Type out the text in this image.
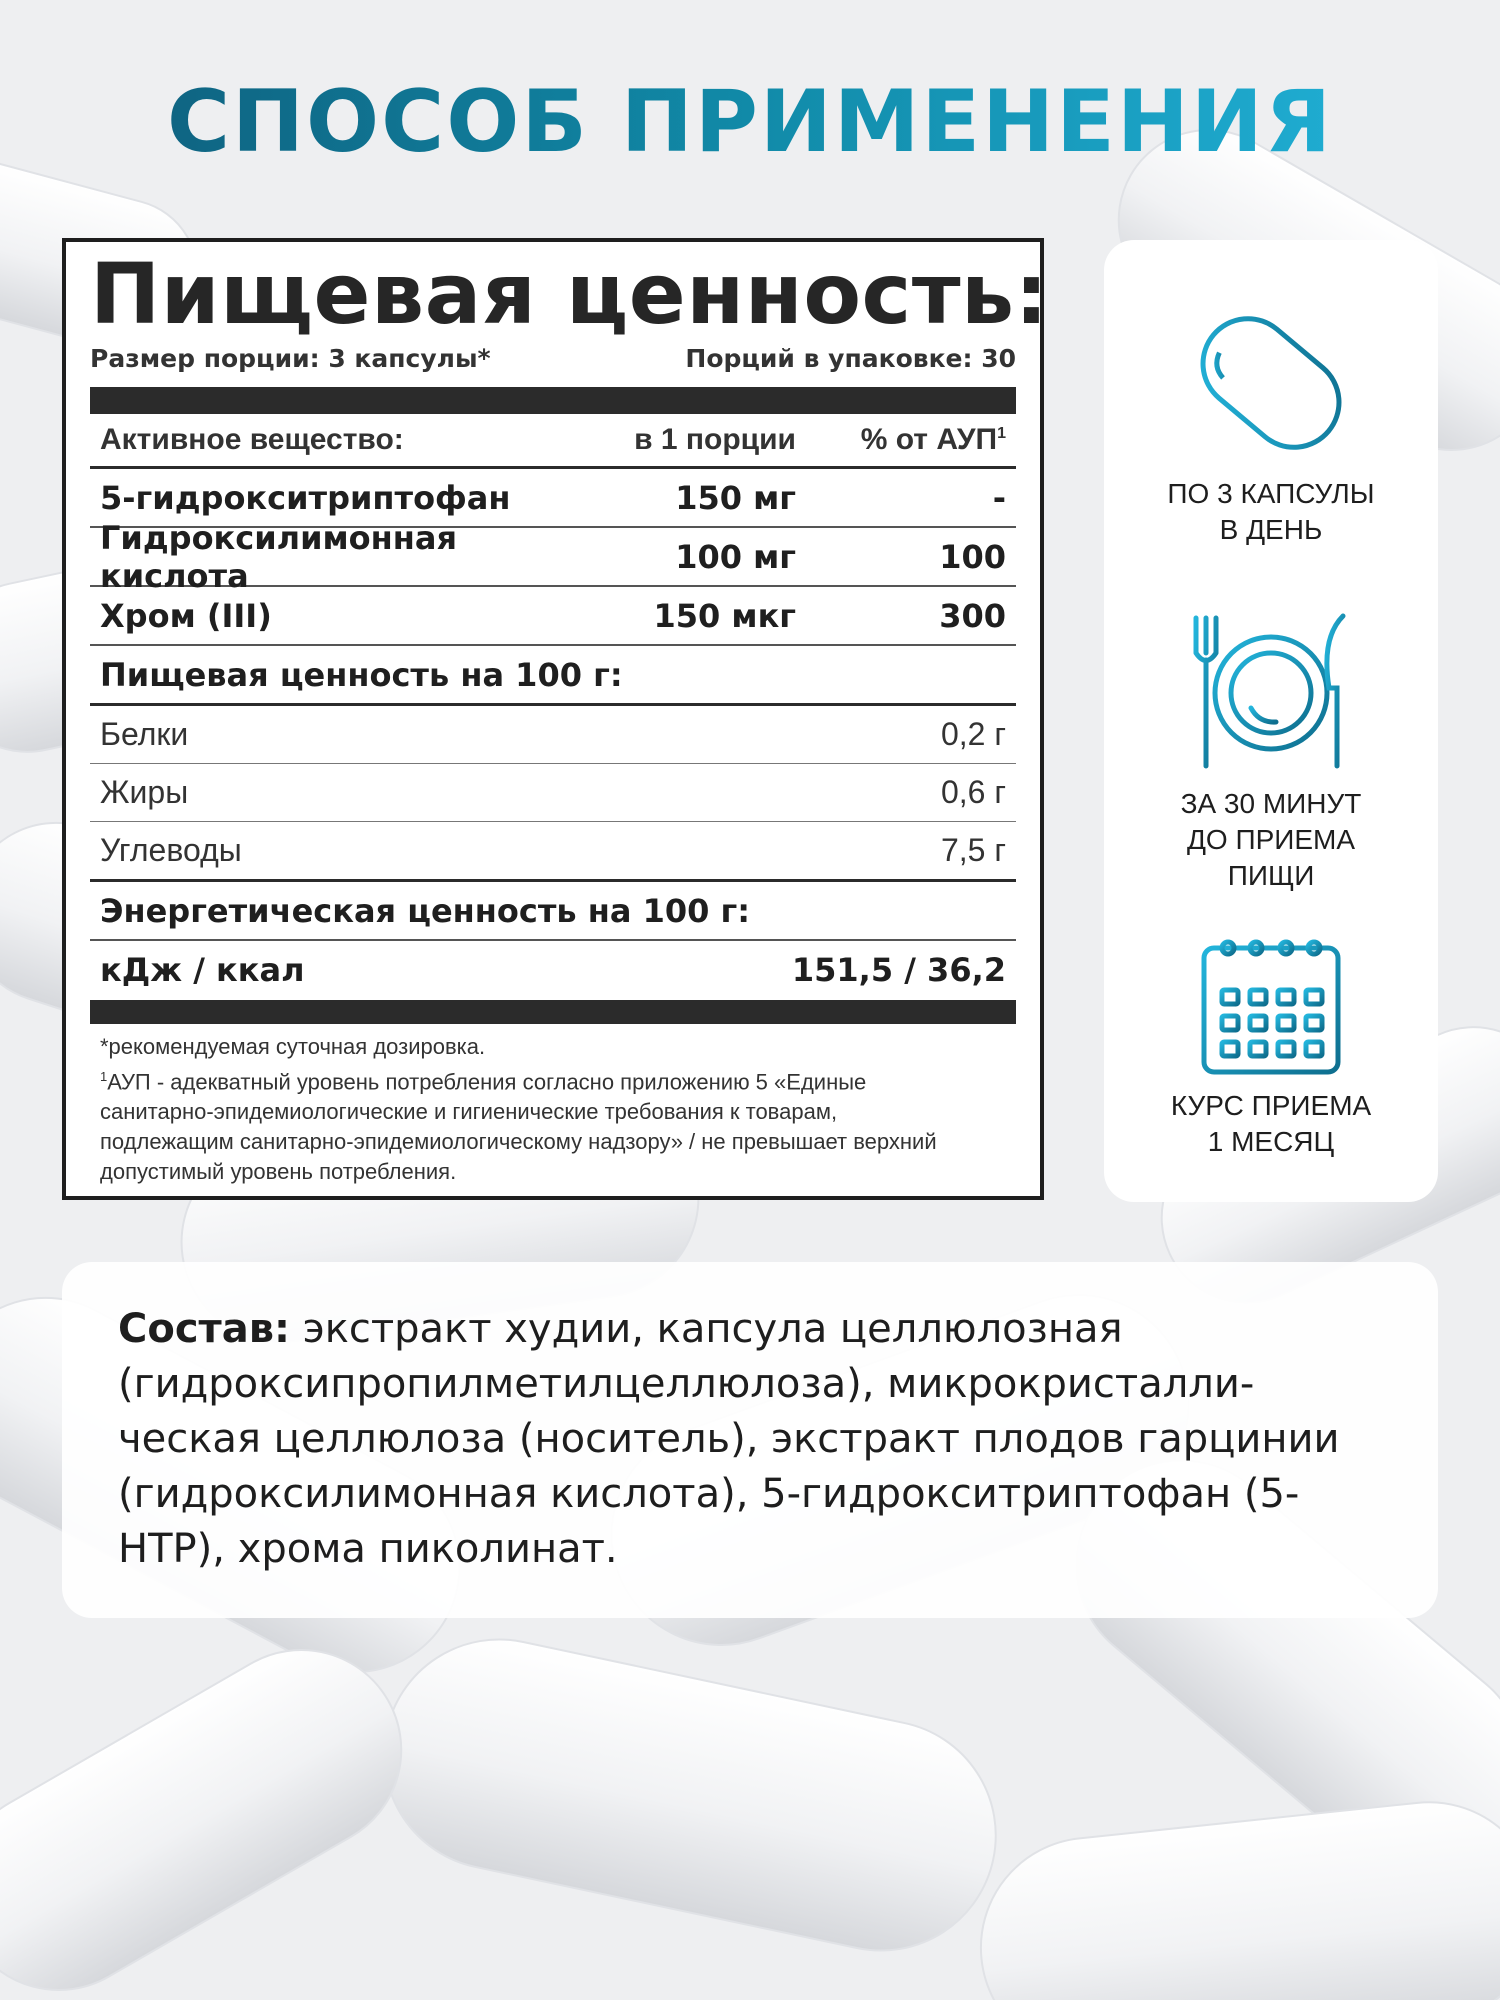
СПОСОБ ПРИМЕНЕНИЯ
Пищевая ценность:
Размер порции: 3 капсулы*	Порций в упаковке: 30
Активное вещество:	в 1 порции	% от АУП$^1$
5-гидрокситриптофан	150 мг	-
Гидроксилимонная кислота	100 мг	100
Хром (III)	150 мкг	300
Пищевая ценность на 100 г:
Белки	0,2 г
Жиры	0,6 г
Углеводы	7,5 г
Энергетическая ценность на 100 г:
кДж / ккал	151,5 / 36,2
*рекомендуемая суточная дозировка.
$^1$АУП - адекватный уровень потребления согласно приложению 5 «Единые
санитарно-эпидемиологические и гигиенические требования к товарам,
подлежащим санитарно-эпидемиологическому надзору» / не превышает верхний
допустимый уровень потребления.
ПО 3 КАПСУЛЫ
В ДЕНЬ
ЗА 30 МИНУТ
ДО ПРИЕМА
ПИЩИ
КУРС ПРИЕМА
1 МЕСЯЦ

Состав: экстракт худии, капсула целлюлозная (гидроксипропилметилцеллюлоза), микрокристалли-ческая целлюлоза (носитель), экстракт плодов гарцинии (гидроксилимонная кислота), 5-гидрокситриптофан (5-HTP), хрома пиколинат.
